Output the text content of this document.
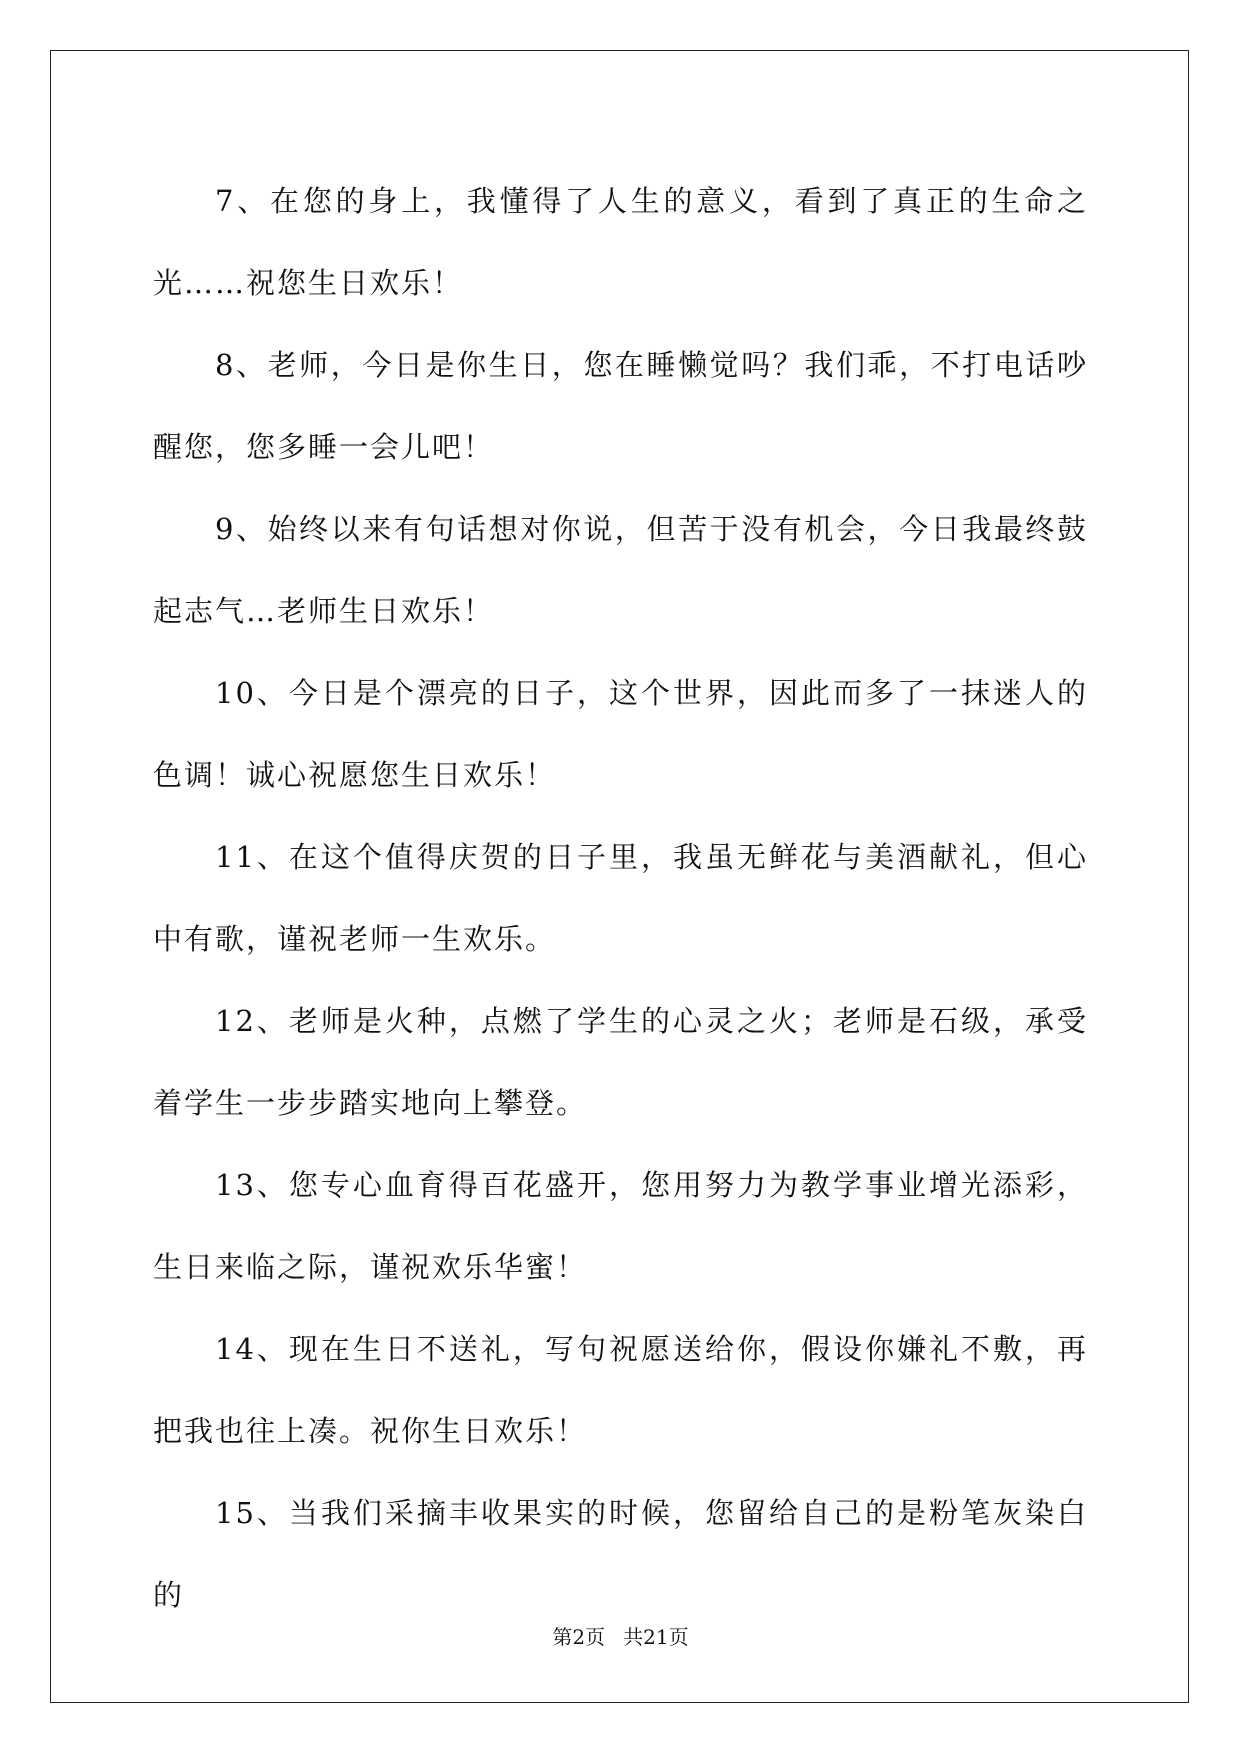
7、在您的身上，我懂得了人生的意义，看到了真正的生命之光……祝您生日欢乐！

8、老师，今日是你生日，您在睡懒觉吗？我们乖，不打电话吵醒您，您多睡一会儿吧！

9、始终以来有句话想对你说，但苦于没有机会，今日我最终鼓起志气…老师生日欢乐！

10、今日是个漂亮的日子，这个世界，因此而多了一抹迷人的色调！诚心祝愿您生日欢乐！

11、在这个值得庆贺的日子里，我虽无鲜花与美酒献礼，但心中有歌，谨祝老师一生欢乐。

12、老师是火种，点燃了学生的心灵之火；老师是石级，承受着学生一步步踏实地向上攀登。

13、您专心血育得百花盛开，您用努力为教学事业增光添彩，生日来临之际，谨祝欢乐华蜜！

14、现在生日不送礼，写句祝愿送给你，假设你嫌礼不敷，再把我也往上凑。祝你生日欢乐！

15、当我们采摘丰收果实的时候，您留给自己的是粉笔灰染白的

第2页 共21页
